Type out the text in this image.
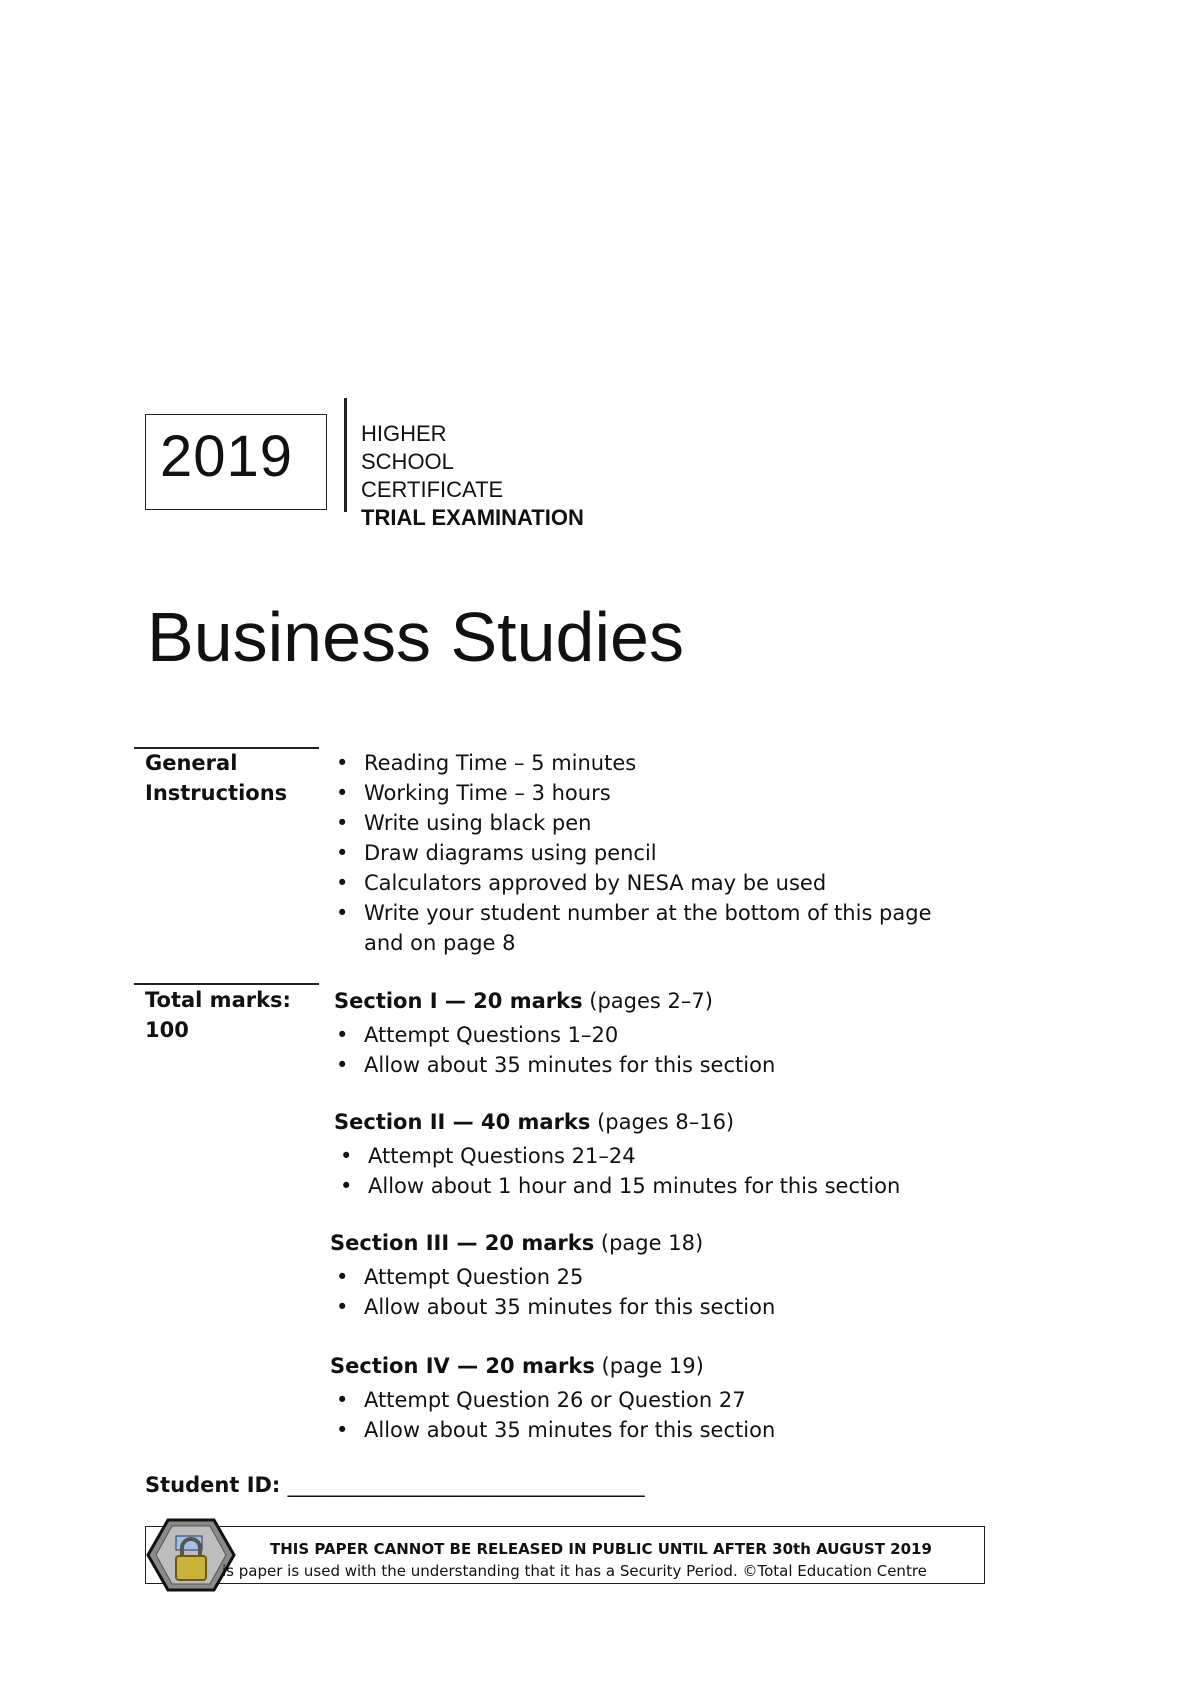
2019	HIGHER
SCHOOL
CERTIFICATE
TRIAL EXAMINATION
Business Studies
General
Instructions
• Reading Time – 5 minutes
• Working Time – 3 hours
• Write using black pen
• Draw diagrams using pencil
• Calculators approved by NESA may be used
• Write your student number at the bottom of this page and on page 8
Total marks:
100
Section I — 20 marks (pages 2–7)
• Attempt Questions 1–20
• Allow about 35 minutes for this section
Section II — 40 marks (pages 8–16)
• Attempt Questions 21–24
• Allow about 1 hour and 15 minutes for this section
Section III — 20 marks (page 18)
• Attempt Question 25
• Allow about 35 minutes for this section
Section IV — 20 marks (page 19)
• Attempt Question 26 or Question 27
• Allow about 35 minutes for this section
Student ID: __________________________________
THIS PAPER CANNOT BE RELEASED IN PUBLIC UNTIL AFTER 30th AUGUST 2019
is paper is used with the understanding that it has a Security Period. ©Total Education Centre
